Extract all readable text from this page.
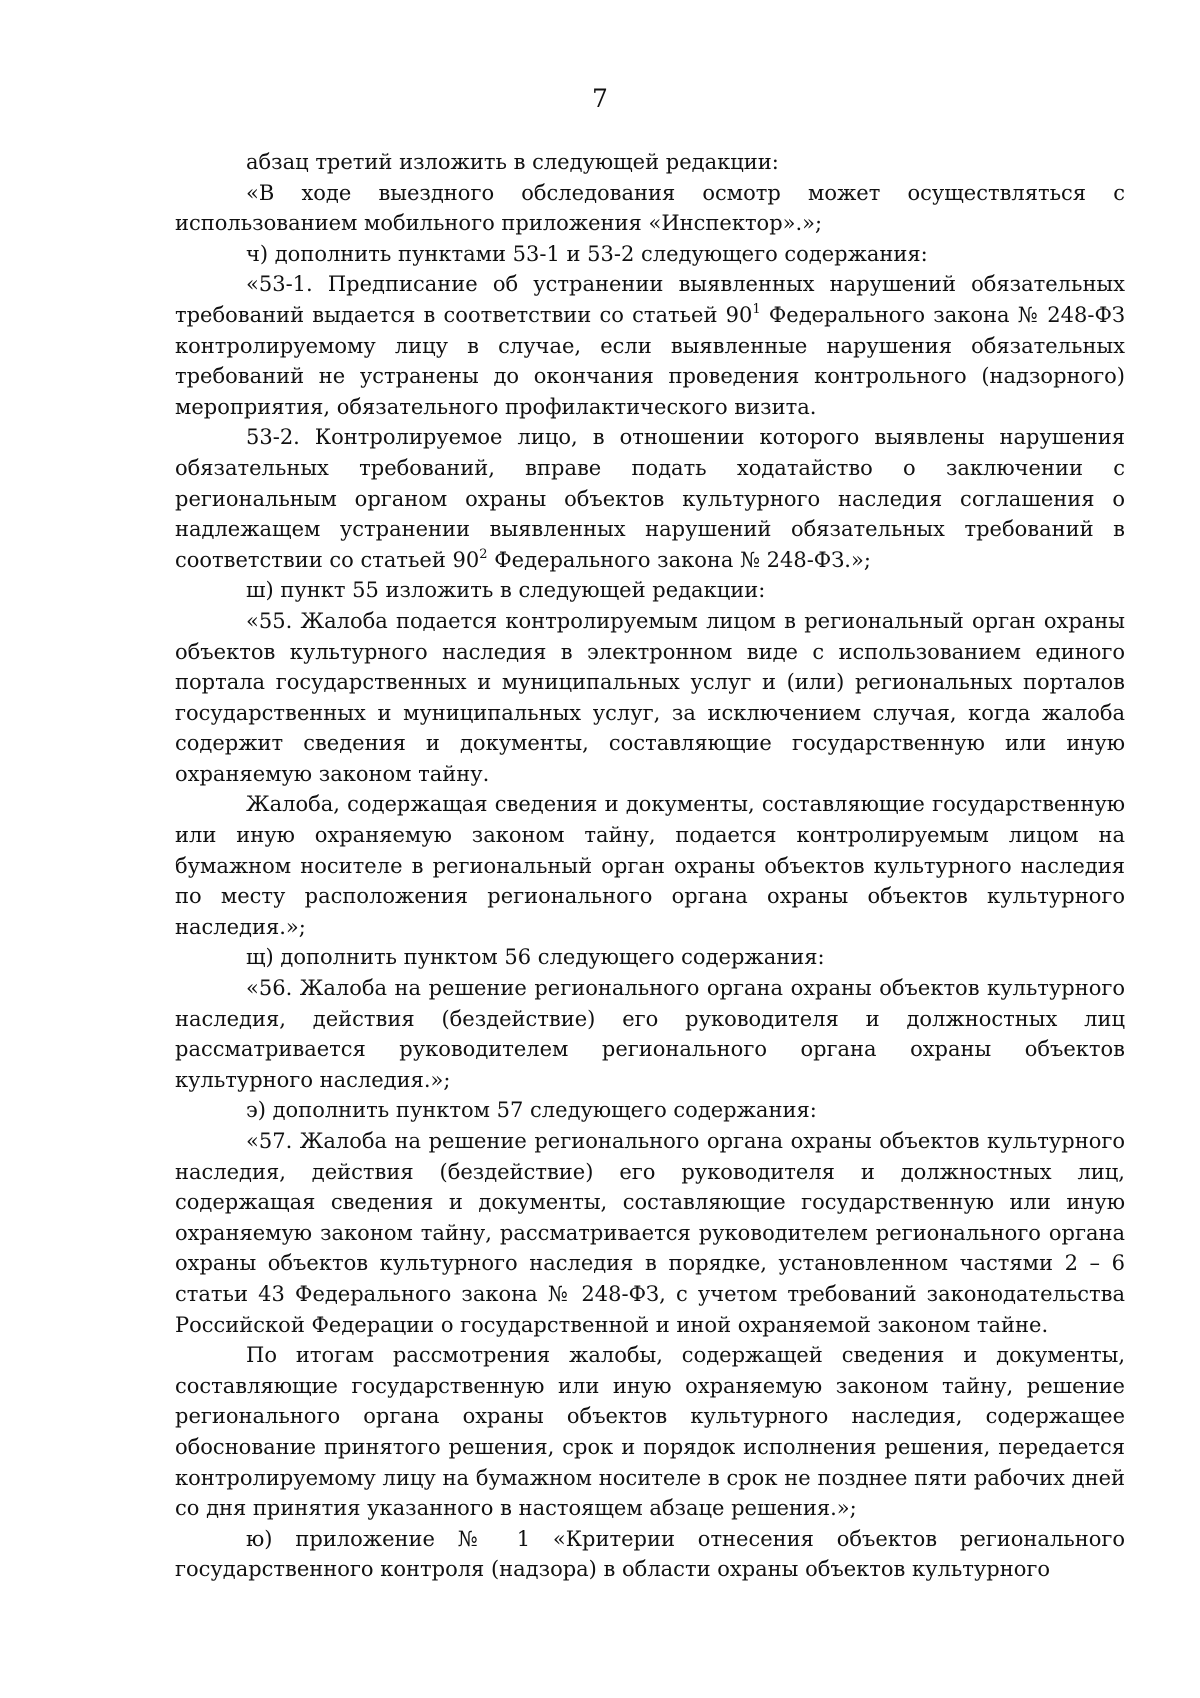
7

абзац третий изложить в следующей редакции:

«В ходе выездного обследования осмотр может осуществляться с использованием мобильного приложения «Инспектор».»;

ч) дополнить пунктами 53-1 и 53-2 следующего содержания:

«53-1. Предписание об устранении выявленных нарушений обязательных требований выдается в соответствии со статьей $90^1$ Федерального закона № 248-ФЗ контролируемому лицу в случае, если выявленные нарушения обязательных требований не устранены до окончания проведения контрольного (надзорного) мероприятия, обязательного профилактического визита.

53-2. Контролируемое лицо, в отношении которого выявлены нарушения обязательных требований, вправе подать ходатайство о заключении с региональным органом охраны объектов культурного наследия соглашения о надлежащем устранении выявленных нарушений обязательных требований в соответствии со статьей $90^2$ Федерального закона № 248-ФЗ.»;

ш) пункт 55 изложить в следующей редакции:

«55. Жалоба подается контролируемым лицом в региональный орган охраны объектов культурного наследия в электронном виде с использованием единого портала государственных и муниципальных услуг и (или) региональных порталов государственных и муниципальных услуг, за исключением случая, когда жалоба содержит сведения и документы, составляющие государственную или иную охраняемую законом тайну.

Жалоба, содержащая сведения и документы, составляющие государственную или иную охраняемую законом тайну, подается контролируемым лицом на бумажном носителе в региональный орган охраны объектов культурного наследия по месту расположения регионального органа охраны объектов культурного наследия.»;

щ) дополнить пунктом 56 следующего содержания:

«56. Жалоба на решение регионального органа охраны объектов культурного наследия, действия (бездействие) его руководителя и должностных лиц рассматривается руководителем регионального органа охраны объектов культурного наследия.»;

э) дополнить пунктом 57 следующего содержания:

«57. Жалоба на решение регионального органа охраны объектов культурного наследия, действия (бездействие) его руководителя и должностных лиц, содержащая сведения и документы, составляющие государственную или иную охраняемую законом тайну, рассматривается руководителем регионального органа охраны объектов культурного наследия в порядке, установленном частями 2 – 6 статьи 43 Федерального закона № 248-ФЗ, с учетом требований законодательства Российской Федерации о государственной и иной охраняемой законом тайне.

По итогам рассмотрения жалобы, содержащей сведения и документы, составляющие государственную или иную охраняемую законом тайну, решение регионального органа охраны объектов культурного наследия, содержащее обоснование принятого решения, срок и порядок исполнения решения, передается контролируемому лицу на бумажном носителе в срок не позднее пяти рабочих дней со дня принятия указанного в настоящем абзаце решения.»;

ю) приложение № 1 «Критерии отнесения объектов регионального государственного контроля (надзора) в области охраны объектов культурного
